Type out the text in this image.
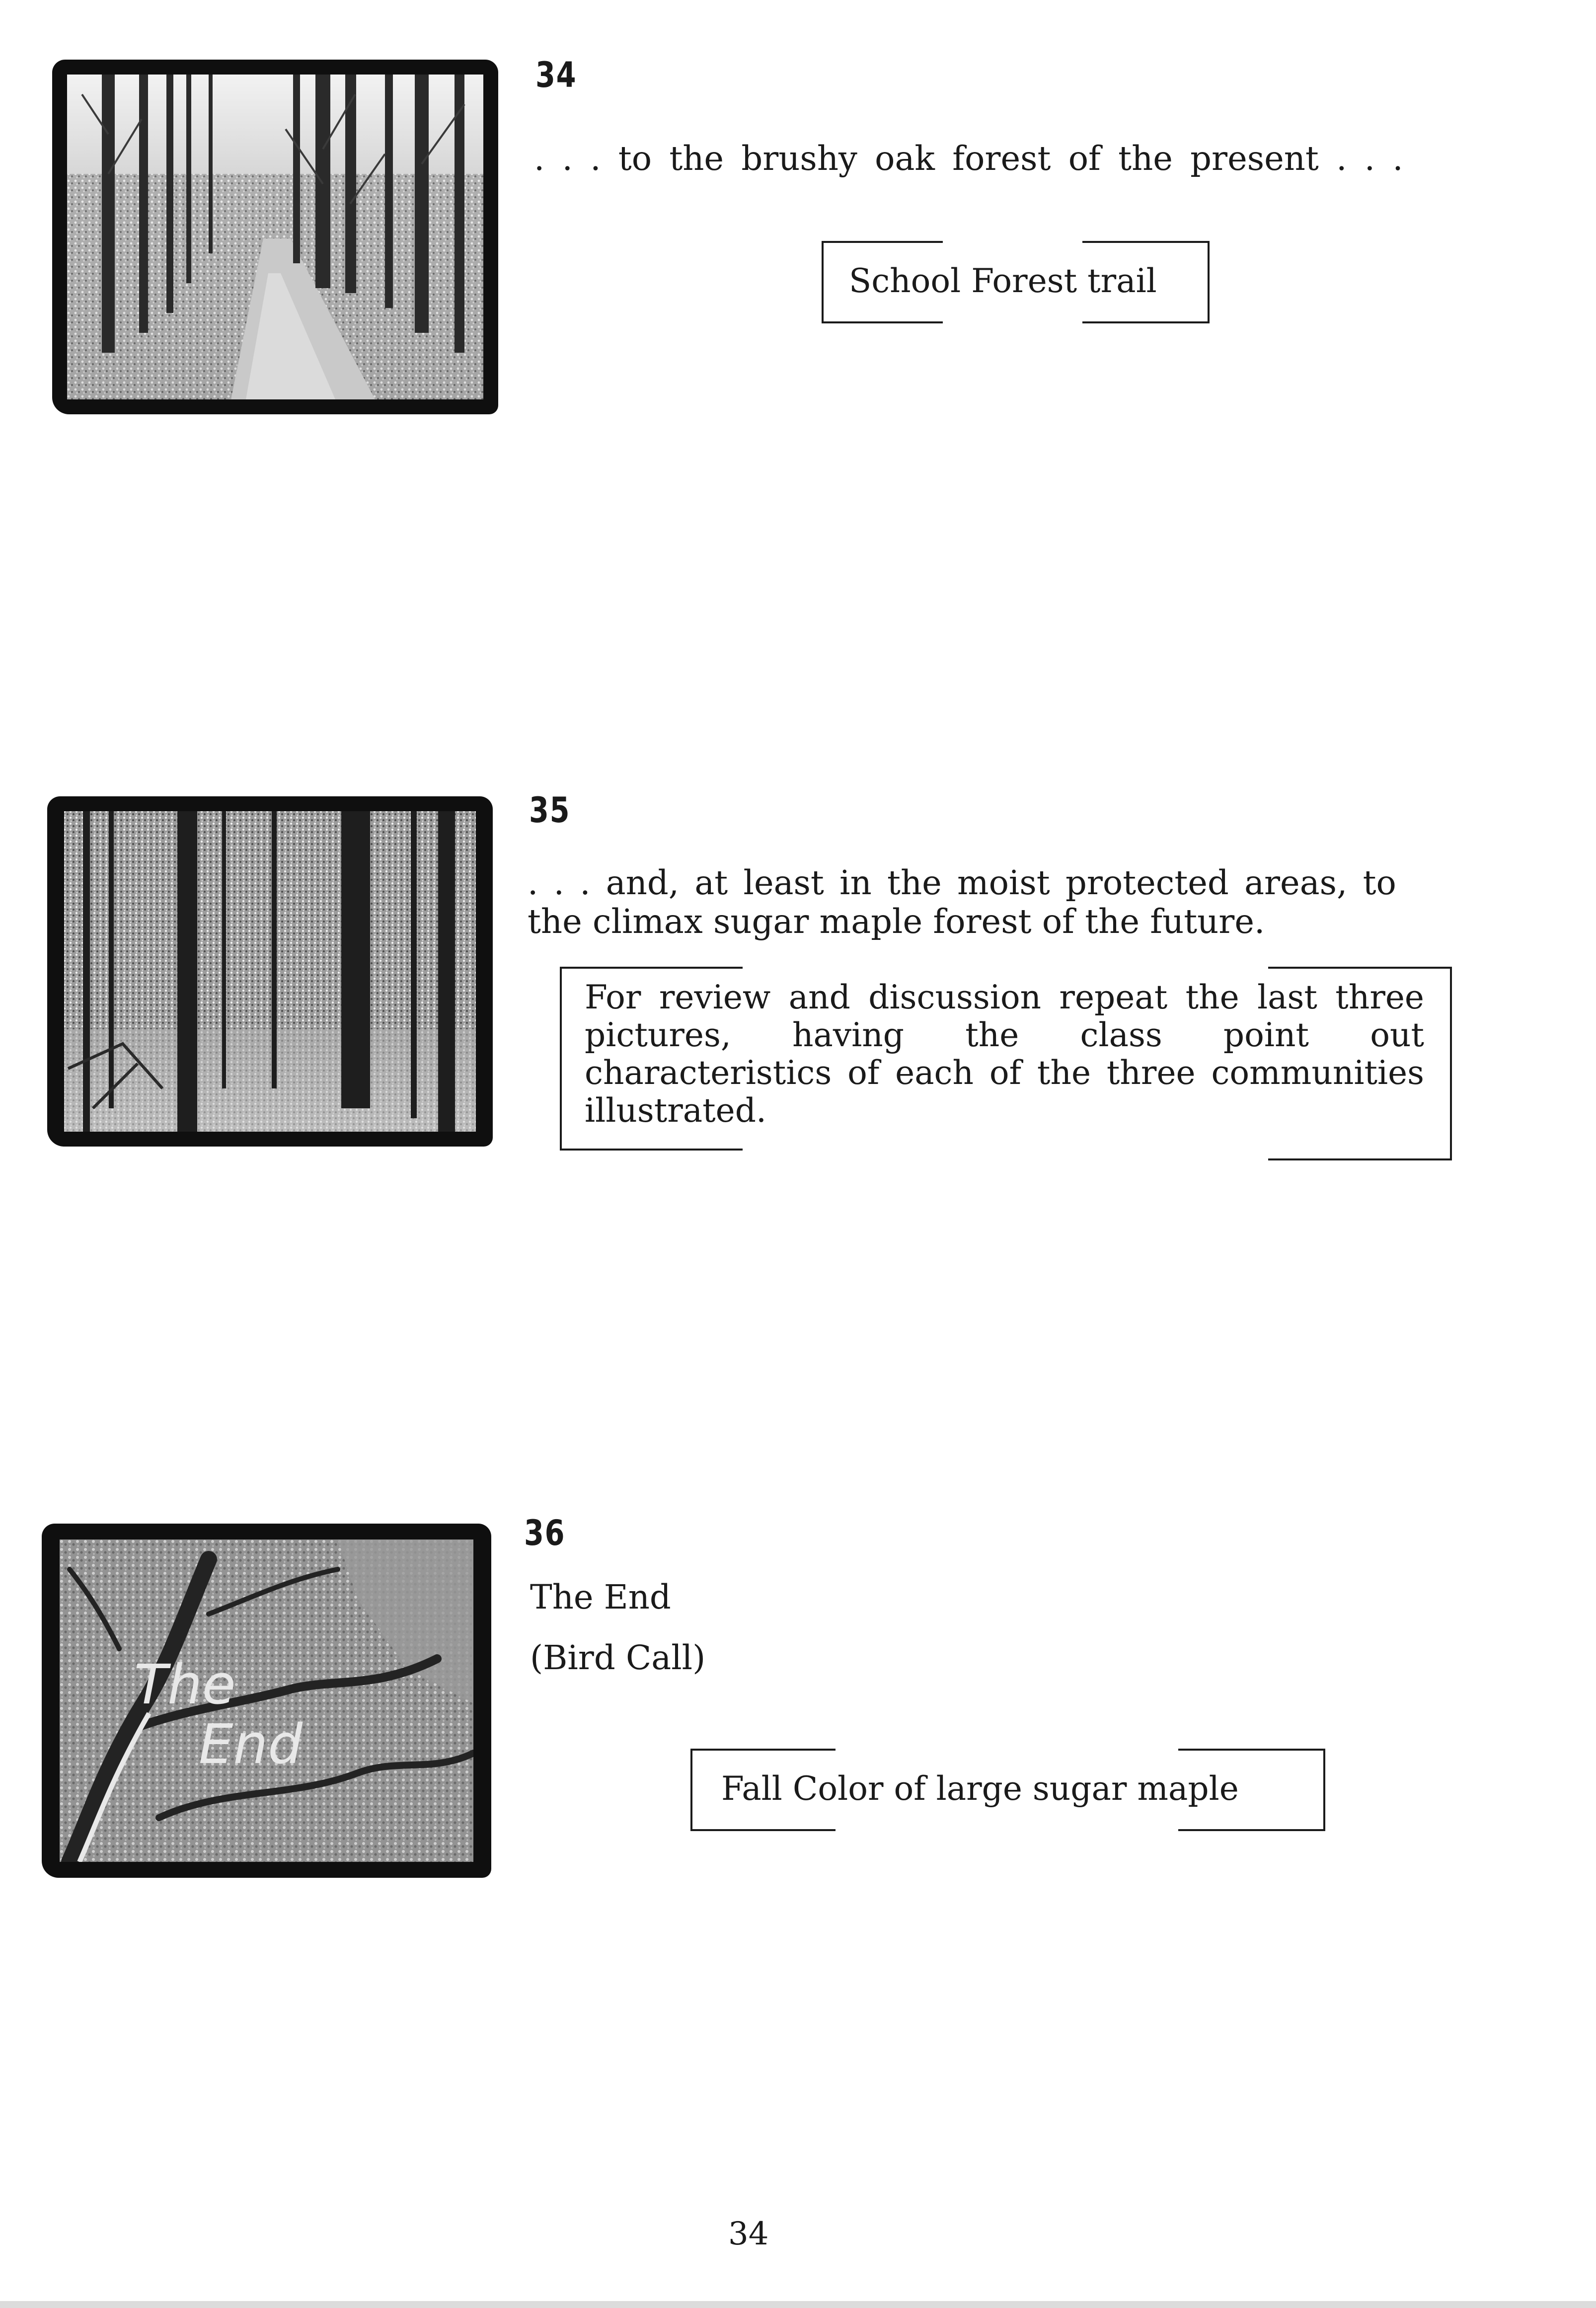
34
. . . to the brushy oak forest of the present . . .
School Forest trail
35
. . . and, at least in the moist protected areas, to
the climax sugar maple forest of the future.
For review and discussion repeat the last three pictures, having the class point out characteristics of each of the three communities illustrated.
The
End
36
The End
(Bird Call)
Fall Color of large sugar maple
34
